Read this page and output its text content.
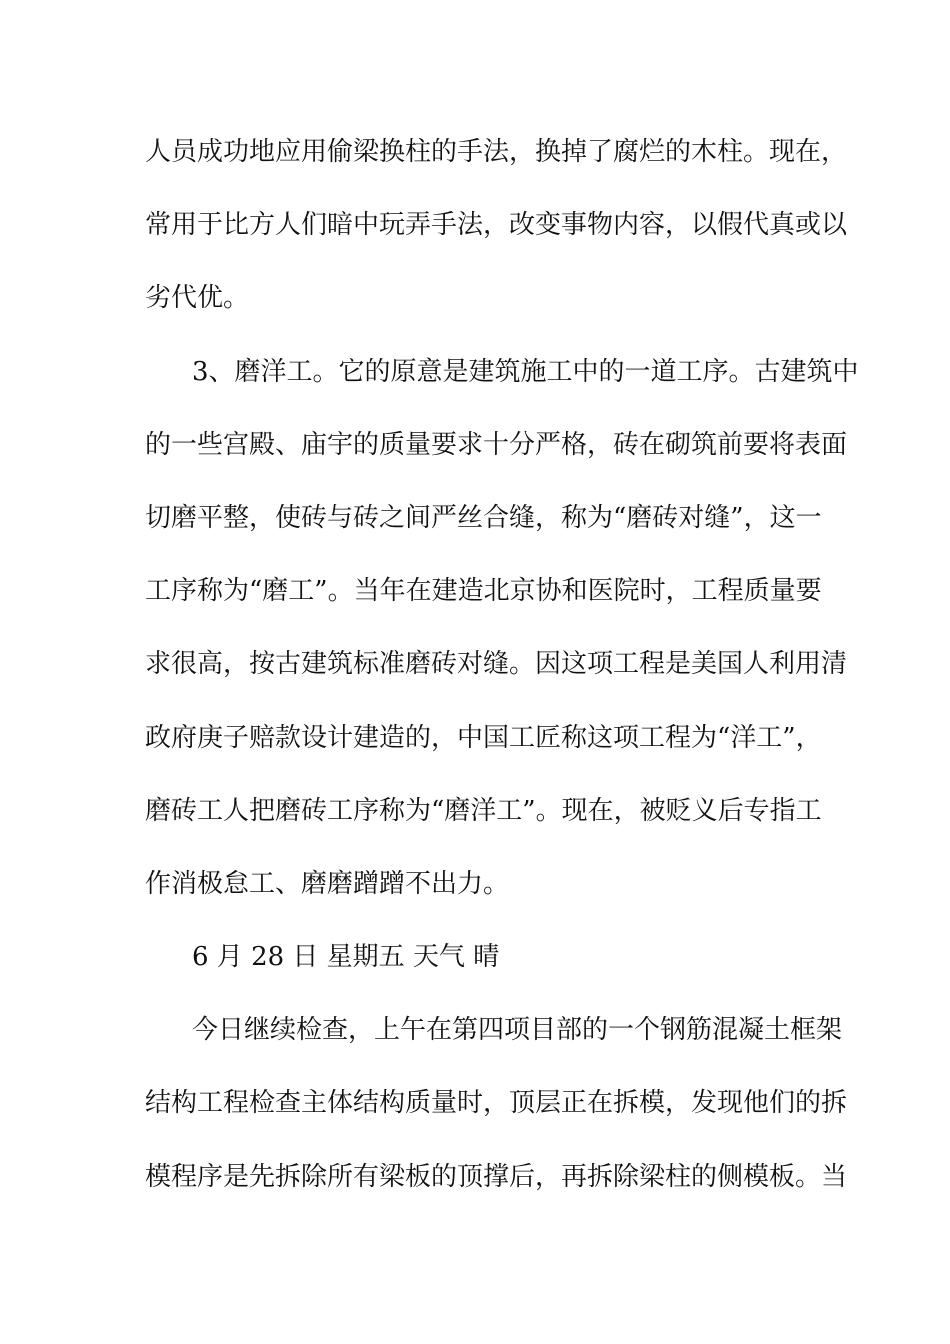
人员成功地应用偷梁换柱的手法，换掉了腐烂的木柱。现在，
常用于比方人们暗中玩弄手法，改变事物内容，以假代真或以
劣代优。
3、磨洋工。它的原意是建筑施工中的一道工序。古建筑中
的一些宫殿、庙宇的质量要求十分严格，砖在砌筑前要将表面
切磨平整，使砖与砖之间严丝合缝，称为“磨砖对缝”，这一
工序称为“磨工”。当年在建造北京协和医院时，工程质量要
求很高，按古建筑标准磨砖对缝。因这项工程是美国人利用清
政府庚子赔款设计建造的，中国工匠称这项工程为“洋工”，
磨砖工人把磨砖工序称为“磨洋工”。现在，被贬义后专指工
作消极怠工、磨磨蹭蹭不出力。
6 月 28 日 星期五 天气 晴
今日继续检查，上午在第四项目部的一个钢筋混凝土框架
结构工程检查主体结构质量时，顶层正在拆模，发现他们的拆
模程序是先拆除所有梁板的顶撑后，再拆除梁柱的侧模板。当
